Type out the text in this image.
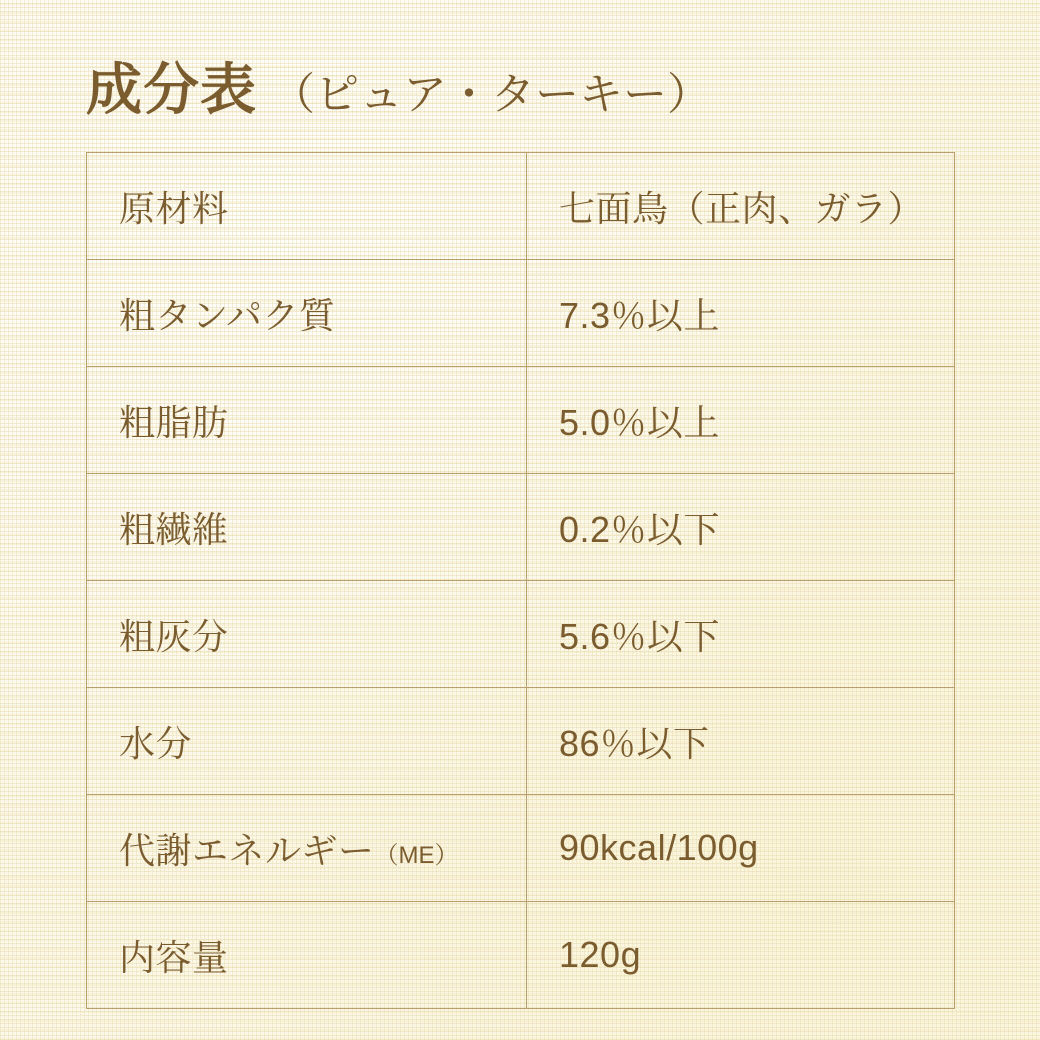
成分表 （ピュア・ターキー）
原材料	七面鳥（正肉、ガラ）
粗タンパク質	7.3％以上
粗脂肪	5.0％以上
粗繊維	0.2％以下
粗灰分	5.6％以下
水分	86％以下
代謝エネルギー（ME）	90kcal/100g
内容量	120g
